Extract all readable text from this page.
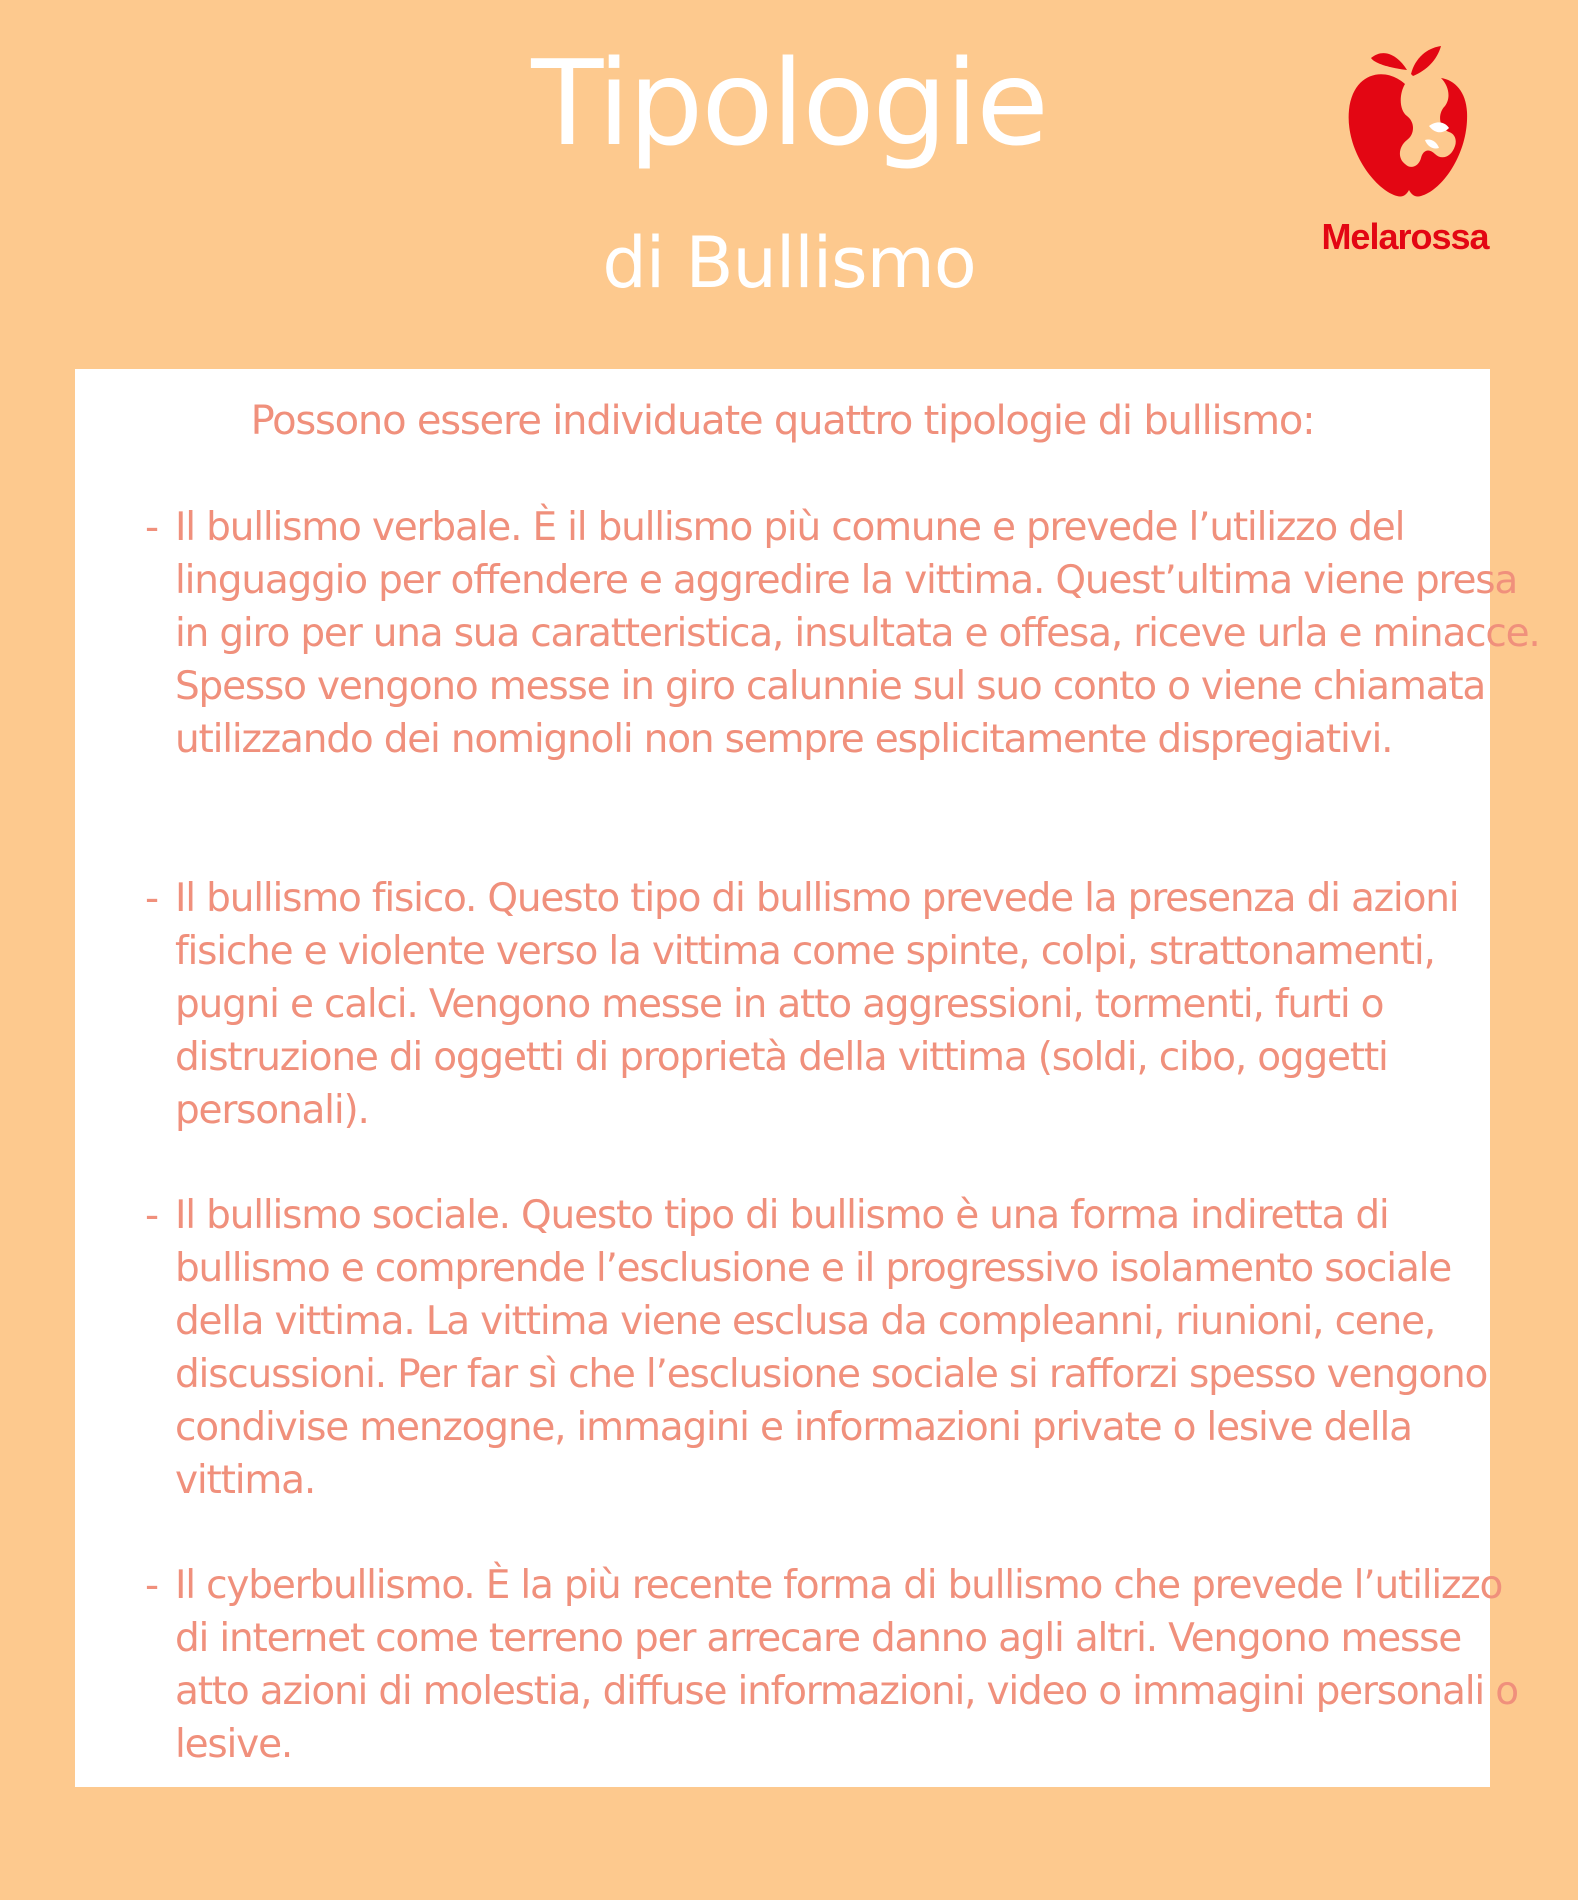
Tipologie
di Bullismo	Melarossa
Possono essere individuate quattro tipologie di bullismo:
- Il bullismo verbale. È il bullismo più comune e prevede l’utilizzo del linguaggio per offendere e aggredire la vittima. Quest’ultima viene presa in giro per una sua caratteristica, insultata e offesa, riceve urla e minacce. Spesso vengono messe in giro calunnie sul suo conto o viene chiamata utilizzando dei nomignoli non sempre esplicitamente dispregiativi.
- Il bullismo fisico. Questo tipo di bullismo prevede la presenza di azioni fisiche e violente verso la vittima come spinte, colpi, strattonamenti, pugni e calci. Vengono messe in atto aggressioni, tormenti, furti o distruzione di oggetti di proprietà della vittima (soldi, cibo, oggetti personali).
- Il bullismo sociale. Questo tipo di bullismo è una forma indiretta di bullismo e comprende l’esclusione e il progressivo isolamento sociale della vittima. La vittima viene esclusa da compleanni, riunioni, cene, discussioni. Per far sì che l’esclusione sociale si rafforzi spesso vengono condivise menzogne, immagini e informazioni private o lesive della vittima.
- Il cyberbullismo. È la più recente forma di bullismo che prevede l’utilizzo di internet come terreno per arrecare danno agli altri. Vengono messe atto azioni di molestia, diffuse informazioni, video o immagini personali o lesive.
